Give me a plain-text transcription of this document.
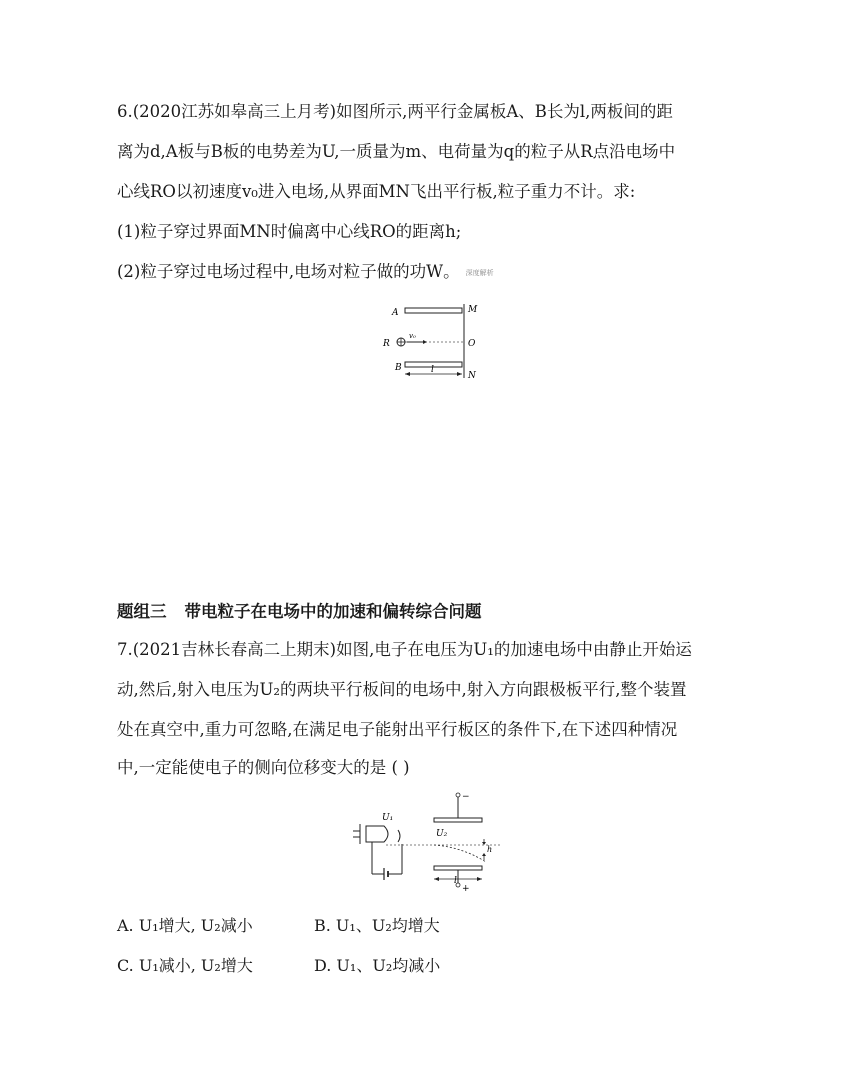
6.(2020江苏如皋高三上月考)如图所示,两平行金属板A、B长为l,两板间的距
离为d,A板与B板的电势差为U,一质量为m、电荷量为q的粒子从R点沿电场中
心线RO以初速度v₀进入电场,从界面MN飞出平行板,粒子重力不计。求:
(1)粒子穿过界面MN时偏离中心线RO的距离h;
(2)粒子穿过电场过程中,电场对粒子做的功W。 深度解析
A
B
R
M
O
N
v₀
l
题组三 带电粒子在电场中的加速和偏转综合问题
7.(2021吉林长春高二上期末)如图,电子在电压为U₁的加速电场中由静止开始运
动,然后,射入电压为U₂的两块平行板间的电场中,射入方向跟极板平行,整个装置
处在真空中,重力可忽略,在满足电子能射出平行板区的条件下,在下述四种情况
中,一定能使电子的侧向位移变大的是 ( )
U₁
U₂
h
l
−
+
A. U₁增大, U₂减小	B. U₁、U₂均增大
C. U₁减小, U₂增大	D. U₁、U₂均减小
